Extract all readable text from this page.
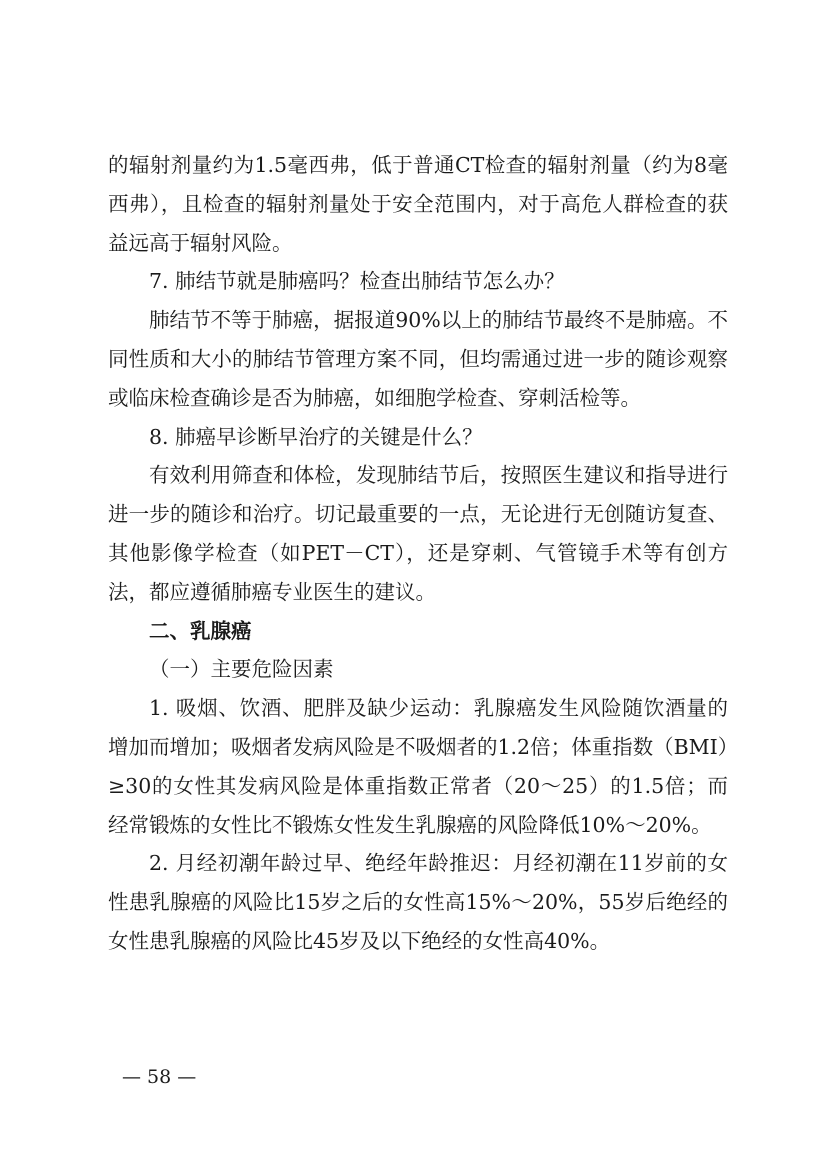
的辐射剂量约为1.5毫西弗，低于普通CT检查的辐射剂量（约为8毫西弗），且检查的辐射剂量处于安全范围内，对于高危人群检查的获益远高于辐射风险。

7. 肺结节就是肺癌吗？检查出肺结节怎么办？

肺结节不等于肺癌，据报道90%以上的肺结节最终不是肺癌。不同性质和大小的肺结节管理方案不同，但均需通过进一步的随诊观察或临床检查确诊是否为肺癌，如细胞学检查、穿刺活检等。

8. 肺癌早诊断早治疗的关键是什么？

有效利用筛查和体检，发现肺结节后，按照医生建议和指导进行进一步的随诊和治疗。切记最重要的一点，无论进行无创随访复查、其他影像学检查（如PET－CT），还是穿刺、气管镜手术等有创方法，都应遵循肺癌专业医生的建议。

二、乳腺癌

（一）主要危险因素

1. 吸烟、饮酒、肥胖及缺少运动：乳腺癌发生风险随饮酒量的增加而增加；吸烟者发病风险是不吸烟者的1.2倍；体重指数（BMI）≥30的女性其发病风险是体重指数正常者（20～25）的1.5倍；而经常锻炼的女性比不锻炼女性发生乳腺癌的风险降低10%～20%。

2. 月经初潮年龄过早、绝经年龄推迟：月经初潮在11岁前的女性患乳腺癌的风险比15岁之后的女性高15%～20%，55岁后绝经的女性患乳腺癌的风险比45岁及以下绝经的女性高40%。

— 58 —
